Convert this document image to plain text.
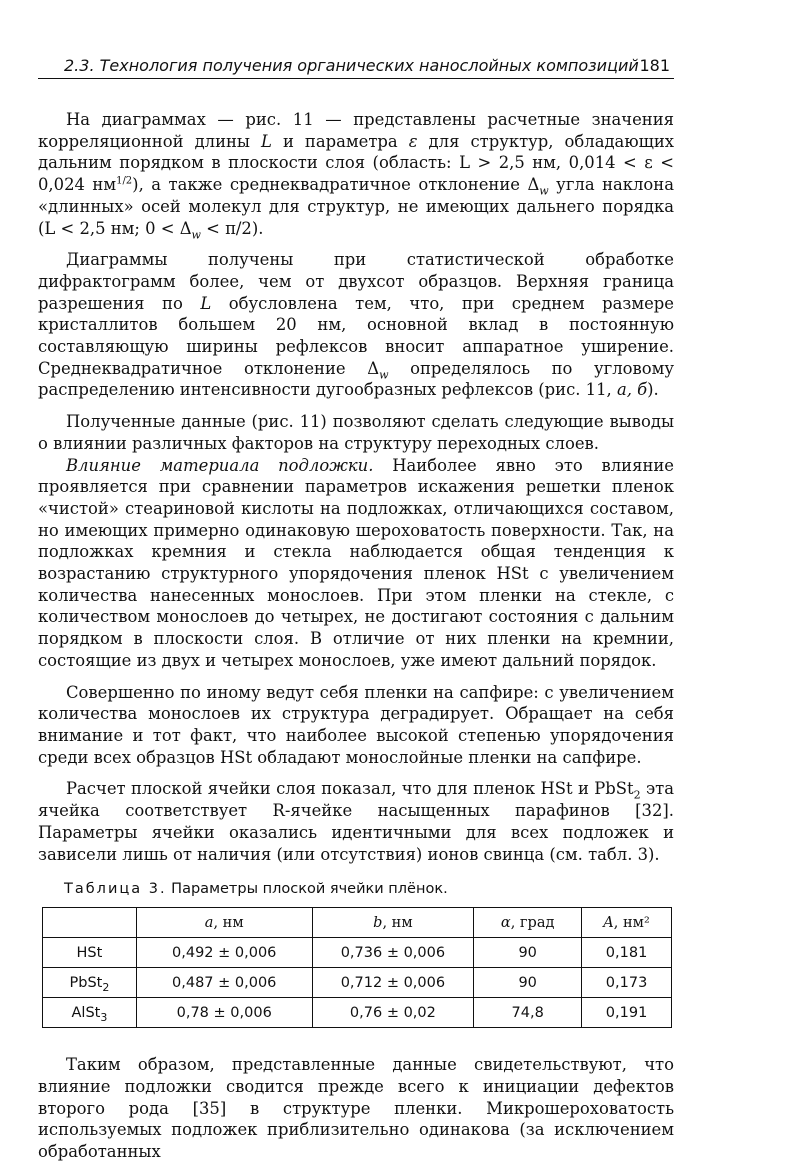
2.3. Технология получения органических нанослойных композиций 181

На диаграммах — рис. 11 — представлены расчетные значения корреляционной длины L и параметра ε для структур, обладающих дальним порядком в плоскости слоя (область: L > 2,5 нм, 0,014 < ε < 0,024 $нм^{1/2}$), а также среднеквадратичное отклонение $\Delta_w$ угла наклона «длинных» осей молекул для структур, не имеющих дальнего порядка (L < 2,5 нм; $0 < \Delta_w < \pi/2$).

Диаграммы получены при статистической обработке дифрактограмм более, чем от двухсот образцов. Верхняя граница разрешения по L обусловлена тем, что, при среднем размере кристаллитов большем 20 нм, основной вклад в постоянную составляющую ширины рефлексов вносит аппаратное уширение. Среднеквадратичное отклонение $\Delta_w$ определялось по угловому распределению интенсивности дугообразных рефлексов (рис. 11, а, б).

Полученные данные (рис. 11) позволяют сделать следующие выводы о влиянии различных факторов на структуру переходных слоев.

Влияние материала подложки. Наиболее явно это влияние проявляется при сравнении параметров искажения решетки пленок «чистой» стеариновой кислоты на подложках, отличающихся составом, но имеющих примерно одинаковую шероховатость поверхности. Так, на подложках кремния и стекла наблюдается общая тенденция к возрастанию структурного упорядочения пленок HSt с увеличением количества нанесенных монослоев. При этом пленки на стекле, с количеством монослоев до четырех, не достигают состояния с дальним порядком в плоскости слоя. В отличие от них пленки на кремнии, состоящие из двух и четырех монослоев, уже имеют дальний порядок.

Совершенно по иному ведут себя пленки на сапфире: с увеличением количества монослоев их структура деградирует. Обращает на себя внимание и тот факт, что наиболее высокой степенью упорядочения среди всех образцов HSt обладают монослойные пленки на сапфире.

Расчет плоской ячейки слоя показал, что для пленок HSt и PbSt$_2$ эта ячейка соответствует R-ячейке насыщенных парафинов [32]. Параметры ячейки оказались идентичными для всех подложек и зависели лишь от наличия (или отсутствия) ионов свинца (см. табл. 3).

Таблица 3. Параметры плоской ячейки плёнок.
	a, нм	b, нм	α, град	A, нм²
HSt	0,492 ± 0,006	0,736 ± 0,006	90	0,181
PbSt$_2$	0,487 ± 0,006	0,712 ± 0,006	90	0,173
AlSt$_3$	0,78 ± 0,006	0,76 ± 0,02	74,8	0,191

Таким образом, представленные данные свидетельствуют, что влияние подложки сводится прежде всего к инициации дефектов второго рода [35] в структуре пленки. Микрошероховатость используемых подложек приблизительно одинакова (за исключением обработанных
